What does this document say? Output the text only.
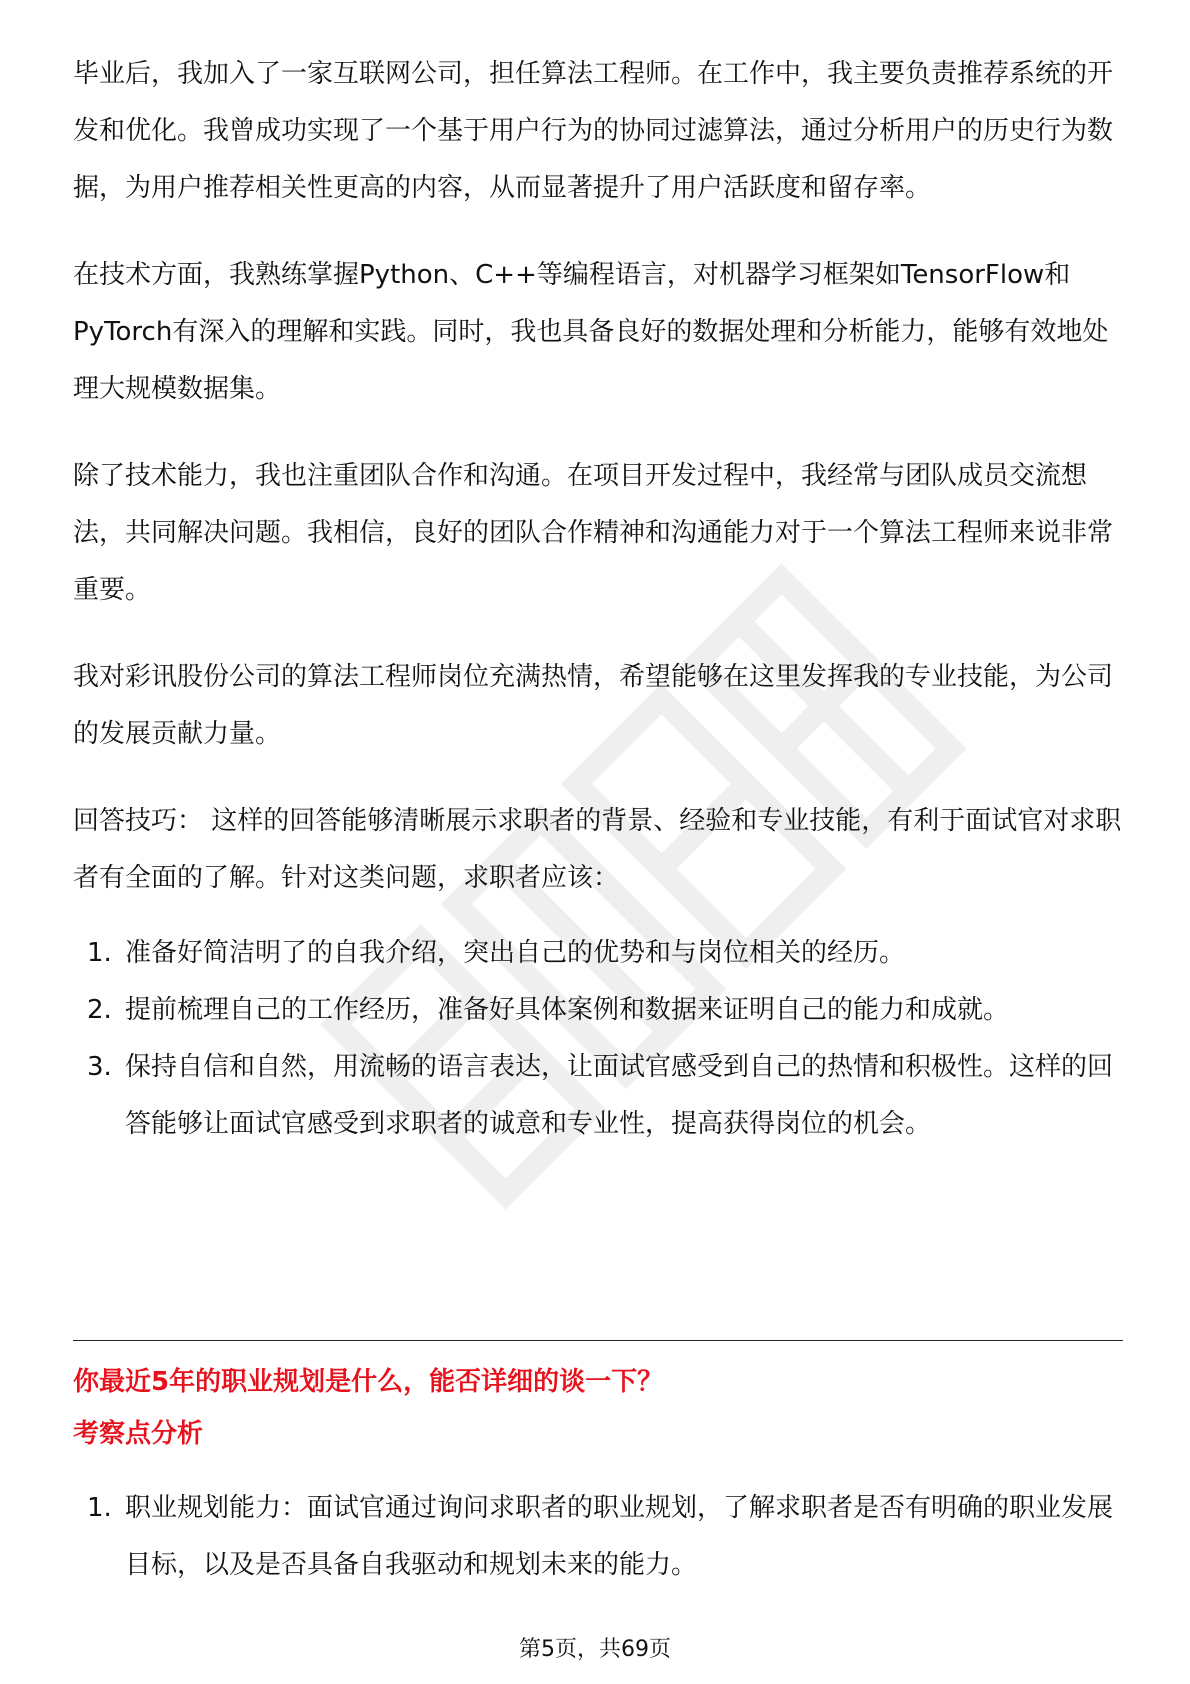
毕业后，我加入了一家互联网公司，担任算法工程师。在工作中，我主要负责推荐系统的开发和优化。我曾成功实现了一个基于用户行为的协同过滤算法，通过分析用户的历史行为数据，为用户推荐相关性更高的内容，从而显著提升了用户活跃度和留存率。

在技术方面，我熟练掌握Python、C++等编程语言，对机器学习框架如TensorFlow和PyTorch有深入的理解和实践。同时，我也具备良好的数据处理和分析能力，能够有效地处理大规模数据集。

除了技术能力，我也注重团队合作和沟通。在项目开发过程中，我经常与团队成员交流想法，共同解决问题。我相信，良好的团队合作精神和沟通能力对于一个算法工程师来说非常重要。

我对彩讯股份公司的算法工程师岗位充满热情，希望能够在这里发挥我的专业技能，为公司的发展贡献力量。

回答技巧： 这样的回答能够清晰展示求职者的背景、经验和专业技能，有利于面试官对求职者有全面的了解。针对这类问题，求职者应该：

1. 准备好简洁明了的自我介绍，突出自己的优势和与岗位相关的经历。
2. 提前梳理自己的工作经历，准备好具体案例和数据来证明自己的能力和成就。
3. 保持自信和自然，用流畅的语言表达，让面试官感受到自己的热情和积极性。这样的回答能够让面试官感受到求职者的诚意和专业性，提高获得岗位的机会。

你最近5年的职业规划是什么，能否详细的谈一下？

考察点分析

1. 职业规划能力：面试官通过询问求职者的职业规划，了解求职者是否有明确的职业发展目标，以及是否具备自我驱动和规划未来的能力。
第5页，共69页
